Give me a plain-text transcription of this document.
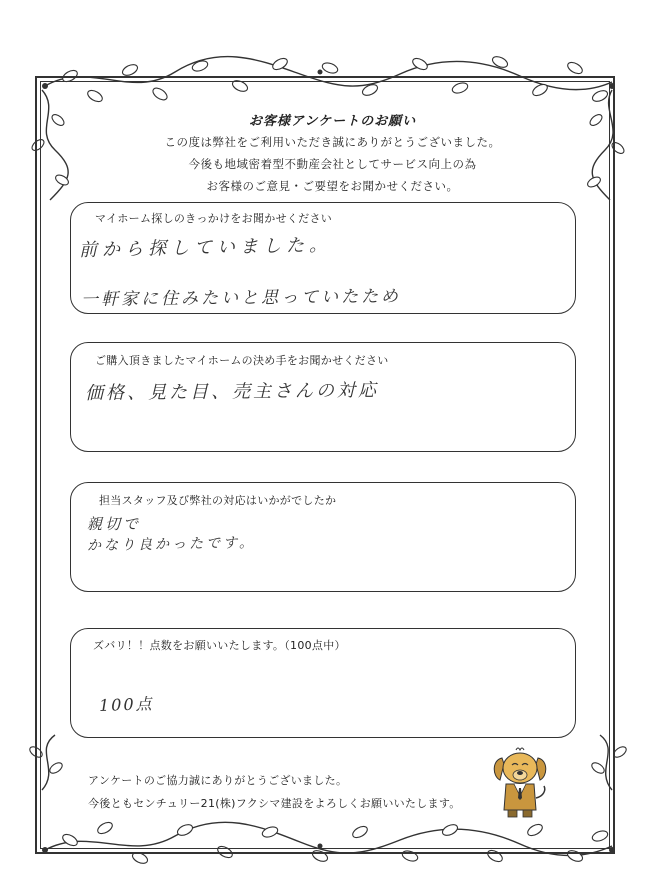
お客様アンケートのお願い
この度は弊社をご利用いただき誠にありがとうございました。
今後も地域密着型不動産会社としてサービス向上の為
お客様のご意見・ご要望をお聞かせください。
マイホーム探しのきっかけをお聞かせください
前から探していました。
一軒家に住みたいと思っていたため
ご購入頂きましたマイホームの決め手をお聞かせください
価格、見た目、売主さんの対応
担当スタッフ及び弊社の対応はいかがでしたか
親切で
かなり良かったです。
ズバリ！！点数をお願いいたします。（100点中）
100点
アンケートのご協力誠にありがとうございました。
今後ともセンチュリー21(株)フクシマ建設をよろしくお願いいたします。
